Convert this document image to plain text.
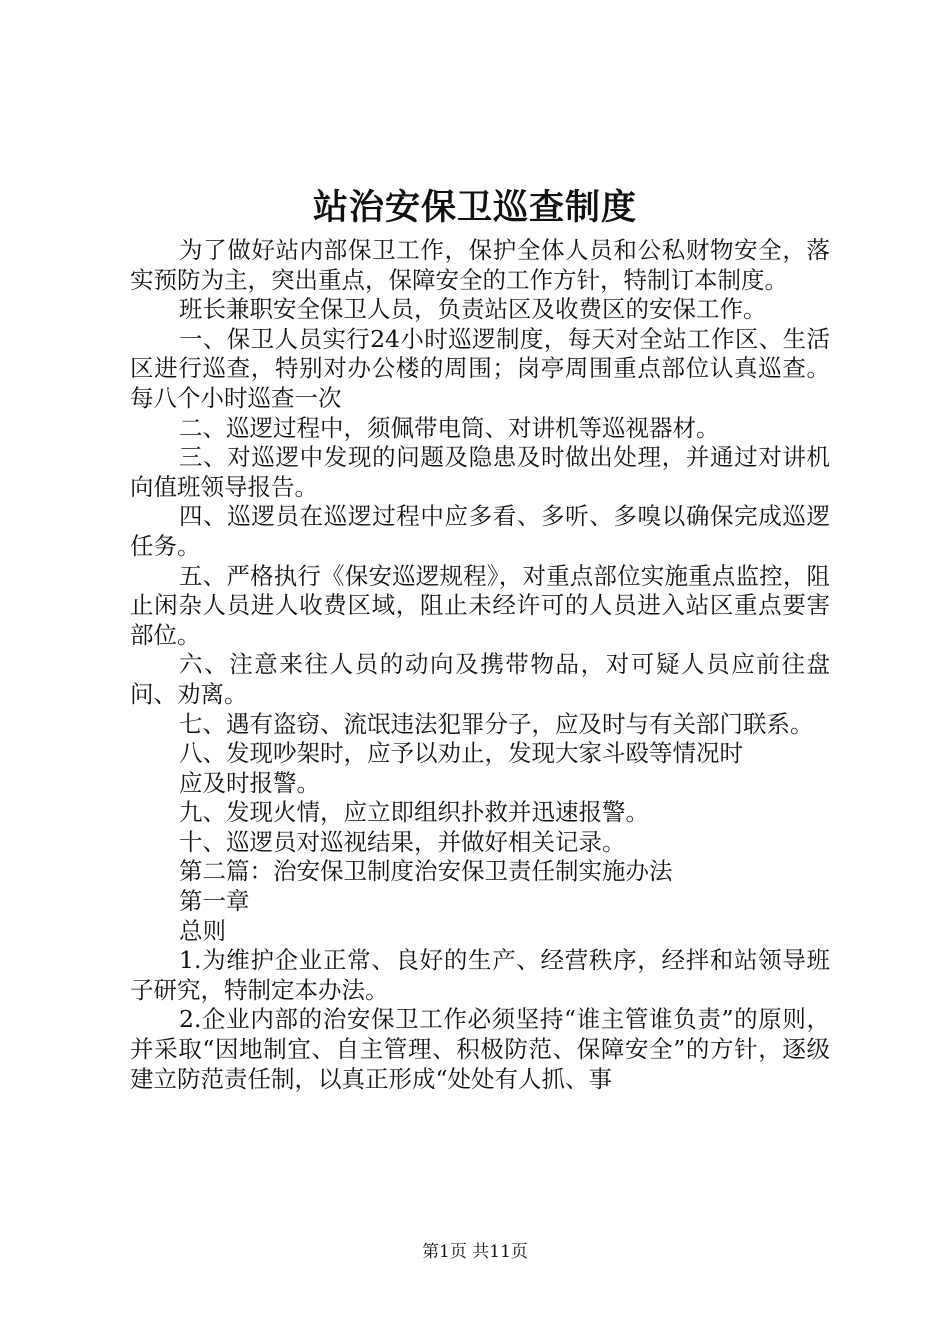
站治安保卫巡查制度

为了做好站内部保卫工作，保护全体人员和公私财物安全，落实预防为主，突出重点，保障安全的工作方针，特制订本制度。

班长兼职安全保卫人员，负责站区及收费区的安保工作。

一、保卫人员实行24小时巡逻制度，每天对全站工作区、生活区进行巡查，特别对办公楼的周围；岗亭周围重点部位认真巡查。每八个小时巡查一次

二、巡逻过程中，须佩带电筒、对讲机等巡视器材。

三、对巡逻中发现的问题及隐患及时做出处理，并通过对讲机向值班领导报告。

四、巡逻员在巡逻过程中应多看、多听、多嗅以确保完成巡逻任务。

五、严格执行《保安巡逻规程》，对重点部位实施重点监控，阻止闲杂人员进人收费区域，阻止未经许可的人员进入站区重点要害部位。

六、注意来往人员的动向及携带物品，对可疑人员应前往盘问、劝离。

七、遇有盗窃、流氓违法犯罪分子，应及时与有关部门联系。

八、发现吵架时，应予以劝止，发现大家斗殴等情况时

应及时报警。

九、发现火情，应立即组织扑救并迅速报警。

十、巡逻员对巡视结果，并做好相关记录。

第二篇：治安保卫制度治安保卫责任制实施办法

第一章

总则

1.为维护企业正常、良好的生产、经营秩序，经拌和站领导班子研究，特制定本办法。

2.企业内部的治安保卫工作必须坚持“谁主管谁负责”的原则，并采取“因地制宜、自主管理、积极防范、保障安全”的方针，逐级建立防范责任制，以真正形成“处处有人抓、事

第1页 共11页
